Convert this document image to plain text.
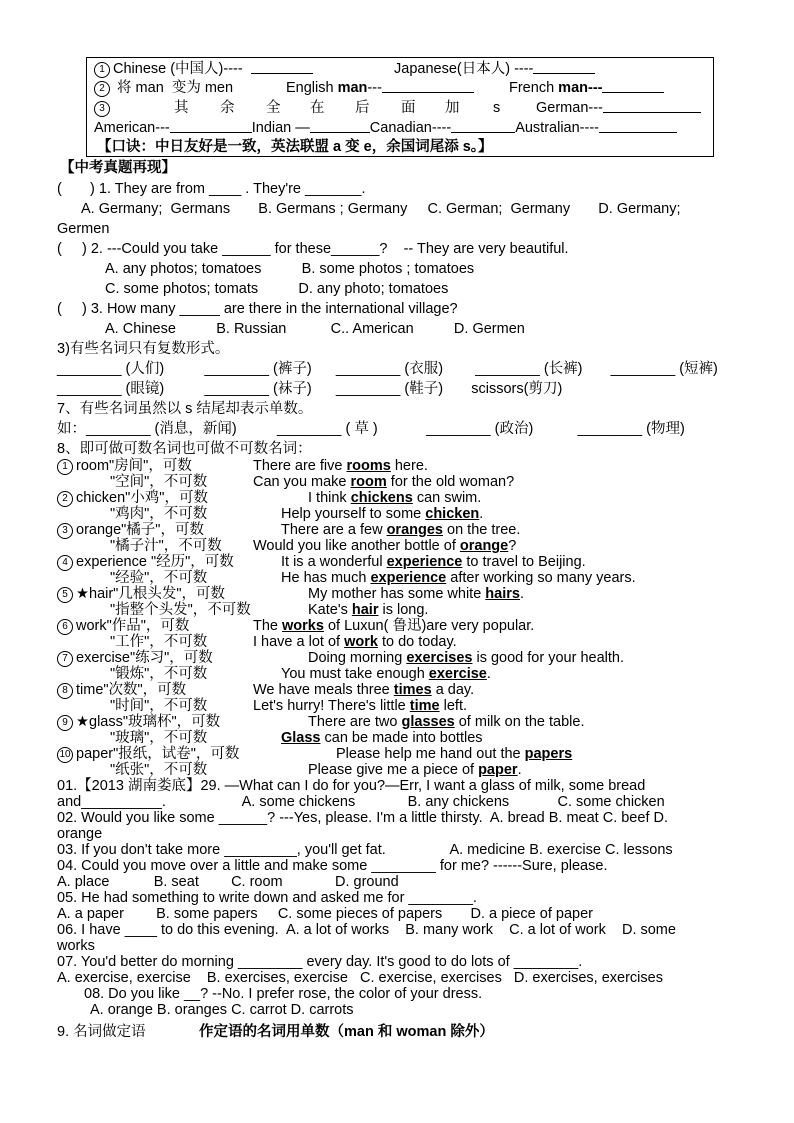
1 Chinese (中国人)----	Japanese(日本人) ----
2 将 man  变为 men	English man---	French man---
3	其 余 全 在 后 面 加 s German---
American---	Indian —	Canadian----	Australian----
【口诀：中日友好是一致，英法联盟 a 变 e，余国词尾添 s。】
【中考真题再现】
(       ) 1. They are from ____ . They're _______.
A. Germany;  Germans       B. Germans ; Germany     C. German;  Germany       D. Germany;
Germen
(     ) 2. ---Could you take ______ for these______?    -- They are very beautiful.
A. any photos; tomatoes          B. some photos ; tomatoes
C. some photos; tomats          D. any photo; tomatoes
(     ) 3. How many _____ are there in the international village?
A. Chinese          B. Russian           C.. American          D. Germen
3)有些名词只有复数形式。
________ (人们)          ________ (裤子)      ________ (衣服)        ________ (长裤)       ________ (短裤)
________ (眼镜)          ________ (袜子)      ________ (鞋子)       scissors(剪刀)
7、有些名词虽然以 s 结尾却表示单数。
如：________ (消息，新闻)          ________ ( 草 )            ________ (政治)           ________ (物理)
8、即可做可数名词也可做不可数名词：
1 room"房间"，可数	There are five rooms here.
"空间"，不可数	Can you make room for the old woman?
2 chicken"小鸡"，可数	I think chickens can swim.
"鸡肉"，不可数	Help yourself to some chicken.
3 orange"橘子"，可数	There are a few oranges on the tree.
"橘子汁"，不可数 Would you like another bottle of orange?
4 experience "经历"，可数	It is a wonderful experience to travel to Beijing.
"经验"，不可数	He has much experience after working so many years.
5 ★hair"几根头发"，可数	My mother has some white hairs.
"指整个头发"，不可数	Kate's hair is long.
6 work"作品"，可数	The works of Luxun( 鲁迅)are very popular.
"工作"，不可数	I have a lot of work to do today.
7 exercise"练习"，可数	Doing morning exercises is good for your health.
"锻炼"，不可数	You must take enough exercise.
8 time"次数"，可数	We have meals three times a day.
"时间"，不可数	Let's hurry! There's little time left.
9 ★glass"玻璃杯"，可数	There are two glasses of milk on the table.
"玻璃"，不可数	Glass can be made into bottles
10 paper"报纸，试卷"，可数	Please help me hand out the papers
"纸张"，不可数	Please give me a piece of paper.
01.【2013 湖南娄底】29. —What can I do for you?—Err, I want a glass of milk, some bread
and__________.                   A. some chickens             B. any chickens            C. some chicken
02. Would you like some ______? ---Yes, please. I'm a little thirsty.  A. bread B. meat C. beef D.
orange
03. If you don't take more _________, you'll get fat.                A. medicine B. exercise C. lessons
04. Could you move over a little and make some ________ for me? ------Sure, please.
A. place           B. seat        C. room             D. ground
05. He had something to write down and asked me for ________.
A. a paper        B. some papers     C. some pieces of papers       D. a piece of paper
06. I have ____ to do this evening.  A. a lot of works    B. many work    C. a lot of work    D. some
works
07. You'd better do morning ________ every day. It's good to do lots of ________.
A. exercise, exercise    B. exercises, exercise   C. exercise, exercises   D. exercises, exercises
08. Do you like __? --No. I prefer rose, the color of your dress.
A. orange B. oranges C. carrot D. carrots
9. 名词做定语	作定语的名词用单数（man 和 woman 除外）
